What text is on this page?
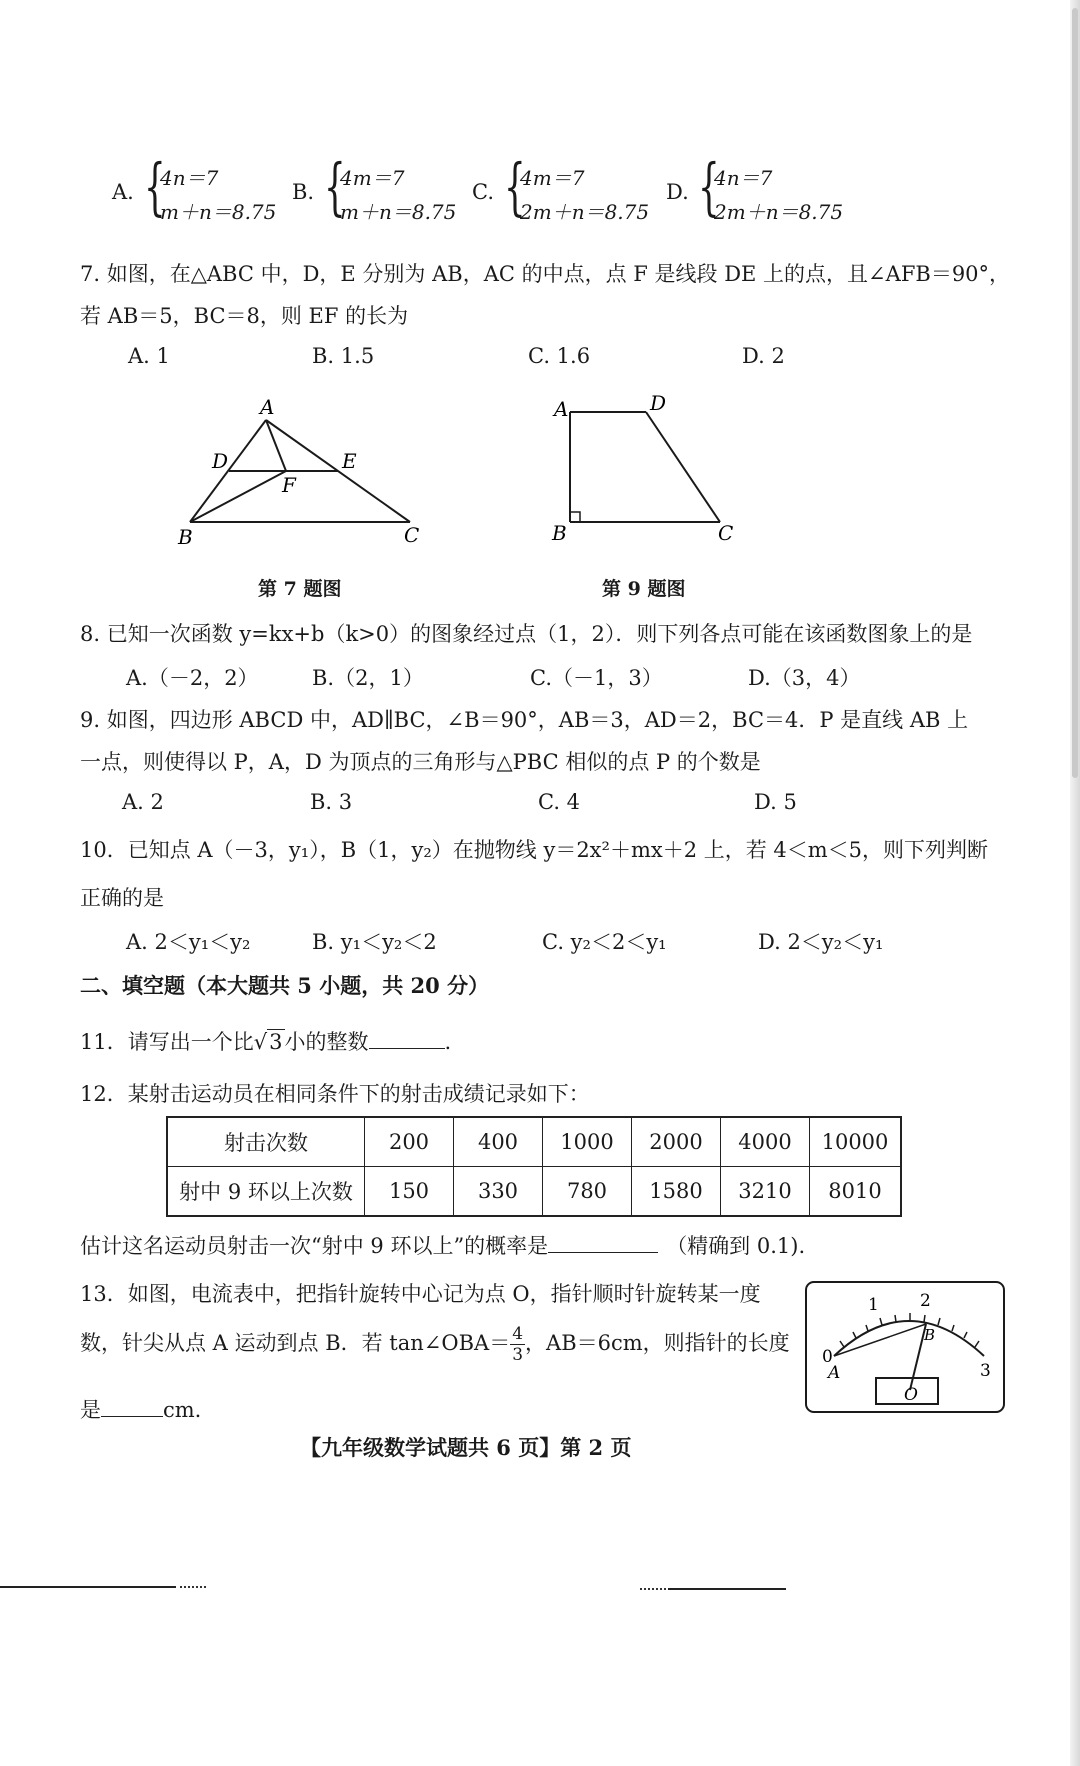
A. {
4n＝7
m＋n＝8.75
B. {
4m＝7
m＋n＝8.75
C. {
4m＝7
2m＋n＝8.75
D. {
4n＝7
2m＋n＝8.75
7. 如图，在△ABC 中，D，E 分别为 AB，AC 的中点，点 F 是线段 DE 上的点，且∠AFB＝90°，
若 AB＝5，BC＝8，则 EF 的长为
A. 1	B. 1.5	C. 1.6	D. 2
A
B	C
D	E
F
A
B	C
D
第 7 题图	第 9 题图
8. 已知一次函数 y=kx+b（k>0）的图象经过点（1，2）．则下列各点可能在该函数图象上的是
A.（－2，2）	B.（2，1）	C.（－1，3）	D.（3，4）
9. 如图，四边形 ABCD 中，AD∥BC，∠B＝90°，AB＝3，AD＝2，BC＝4．P 是直线 AB 上
一点，则使得以 P，A，D 为顶点的三角形与△PBC 相似的点 P 的个数是
A. 2	B. 3	C. 4	D. 5
10．已知点 A（－3，y₁），B（1，y₂）在抛物线 y＝2x²＋mx＋2 上，若 4＜m＜5，则下列判断
正确的是
A. 2＜y₁＜y₂	B. y₁＜y₂＜2	C. y₂＜2＜y₁	D. 2＜y₂＜y₁
二、填空题（本大题共 5 小题，共 20 分）
11．请写出一个比√3小的整数	.
12．某射击运动员在相同条件下的射击成绩记录如下：
射击次数	200	400	1000	2000	4000	10000
射中 9 环以上次数	150	330	780	1580	3210	8010
估计这名运动员射击一次“射中 9 环以上”的概率是	（精确到 0.1).
13．如图，电流表中，把指针旋转中心记为点 O，指针顺时针旋转某一度
数，针尖从点 A 运动到点 B．若 tan∠OBA＝ $\frac{4}{3}$ ，AB＝6cm，则指针的长度
是	cm.
0
1 2
3
A
B
O
【九年级数学试题共 6 页】第 2 页
